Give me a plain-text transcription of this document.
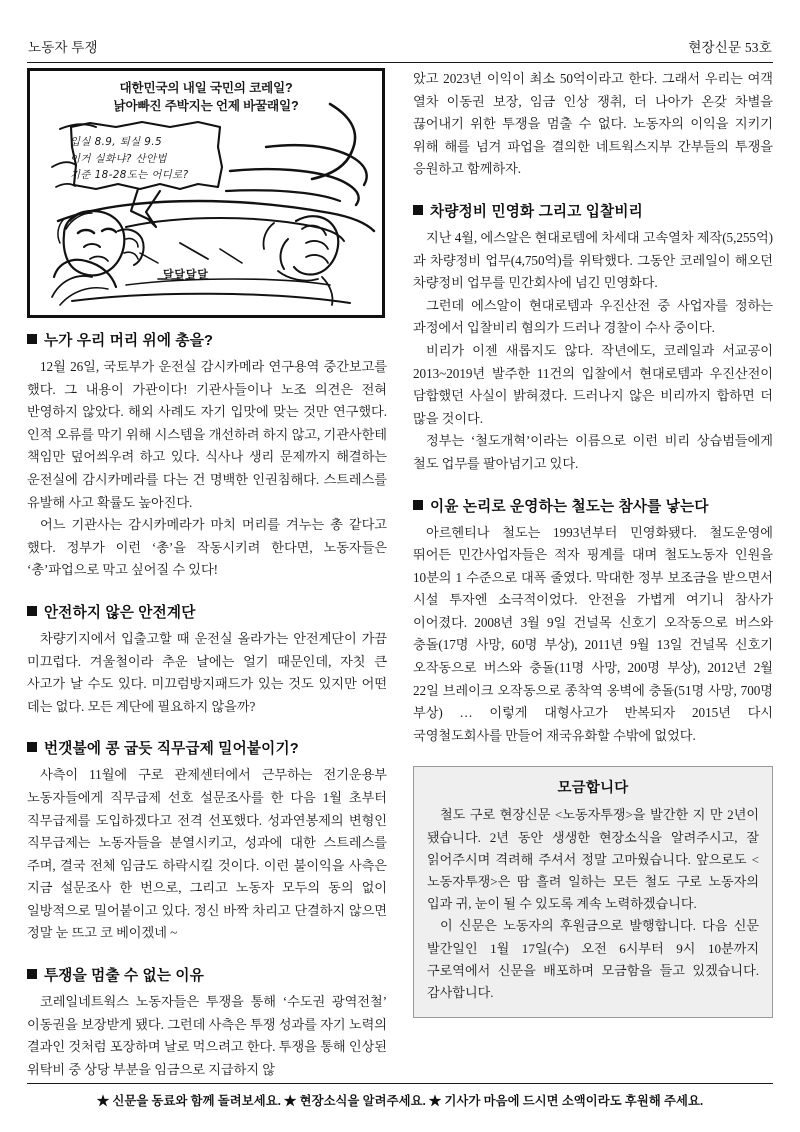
노동자 투쟁	현장신문 53호
대한민국의 내일 국민의 코레일?
낡아빠진 주박지는 언제 바꿀래일?
입실 8.9, 퇴실 9.5
이거 실화냐? 산안법
기준 18-28도는 어디로?
달달달달
누가 우리 머리 위에 총을?

12월 26일, 국토부가 운전실 감시카메라 연구용역 중간보고를 했다. 그 내용이 가관이다! 기관사들이나 노조 의견은 전혀 반영하지 않았다. 해외 사례도 자기 입맛에 맞는 것만 연구했다. 인적 오류를 막기 위해 시스템을 개선하려 하지 않고, 기관사한테 책임만 덮어씌우려 하고 있다. 식사나 생리 문제까지 해결하는 운전실에 감시카메라를 다는 건 명백한 인권침해다. 스트레스를 유발해 사고 확률도 높아진다.

어느 기관사는 감시카메라가 마치 머리를 겨누는 총 같다고 했다. 정부가 이런 ‘총’을 작동시키려 한다면, 노동자들은 ‘총’파업으로 막고 싶어질 수 있다!

안전하지 않은 안전계단

차량기지에서 입출고할 때 운전실 올라가는 안전계단이 가끔 미끄럽다. 겨울철이라 추운 날에는 얼기 때문인데, 자칫 큰 사고가 날 수도 있다. 미끄럼방지패드가 있는 것도 있지만 어떤 데는 없다. 모든 계단에 필요하지 않을까?

번갯불에 콩 굽듯 직무급제 밀어붙이기?

사측이 11월에 구로 관제센터에서 근무하는 전기운용부 노동자들에게 직무급제 선호 설문조사를 한 다음 1월 초부터 직무급제를 도입하겠다고 전격 선포했다. 성과연봉제의 변형인 직무급제는 노동자들을 분열시키고, 성과에 대한 스트레스를 주며, 결국 전체 임금도 하락시킬 것이다. 이런 불이익을 사측은 지금 설문조사 한 번으로, 그리고 노동자 모두의 동의 없이 일방적으로 밀어붙이고 있다. 정신 바짝 차리고 단결하지 않으면 정말 눈 뜨고 코 베이겠네 ~

투쟁을 멈출 수 없는 이유

코레일네트웍스 노동자들은 투쟁을 통해 ‘수도권 광역전철’ 이동권을 보장받게 됐다. 그런데 사측은 투쟁 성과를 자기 노력의 결과인 것처럼 포장하며 날로 먹으려고 한다. 투쟁을 통해 인상된 위탁비 중 상당 부분을 임금으로 지급하지 않

았고 2023년 이익이 최소 50억이라고 한다. 그래서 우리는 여객 열차 이동권 보장, 임금 인상 쟁취, 더 나아가 온갖 차별을 끊어내기 위한 투쟁을 멈출 수 없다. 노동자의 이익을 지키기 위해 해를 넘겨 파업을 결의한 네트웍스지부 간부들의 투쟁을 응원하고 함께하자.

차량정비 민영화 그리고 입찰비리

지난 4월, 에스알은 현대로템에 차세대 고속열차 제작(5,255억)과 차량정비 업무(4,750억)를 위탁했다. 그동안 코레일이 해오던 차량정비 업무를 민간회사에 넘긴 민영화다.

그런데 에스알이 현대로템과 우진산전 중 사업자를 정하는 과정에서 입찰비리 혐의가 드러나 경찰이 수사 중이다.

비리가 이젠 새롭지도 않다. 작년에도, 코레일과 서교공이 2013~2019년 발주한 11건의 입찰에서 현대로템과 우진산전이 담합했던 사실이 밝혀졌다. 드러나지 않은 비리까지 합하면 더 많을 것이다.

정부는 ‘철도개혁’이라는 이름으로 이런 비리 상습범들에게 철도 업무를 팔아넘기고 있다.

이윤 논리로 운영하는 철도는 참사를 낳는다

아르헨티나 철도는 1993년부터 민영화됐다. 철도운영에 뛰어든 민간사업자들은 적자 핑계를 대며 철도노동자 인원을 10분의 1 수준으로 대폭 줄였다. 막대한 정부 보조금을 받으면서 시설 투자엔 소극적이었다. 안전을 가볍게 여기니 참사가 이어졌다. 2008년 3월 9일 건널목 신호기 오작동으로 버스와 충돌(17명 사망, 60명 부상), 2011년 9월 13일 건널목 신호기 오작동으로 버스와 충돌(11명 사망, 200명 부상), 2012년 2월 22일 브레이크 오작동으로 종착역 옹벽에 충돌(51명 사망, 700명 부상) … 이렇게 대형사고가 반복되자 2015년 다시 국영철도회사를 만들어 재국유화할 수밖에 없었다.

모금합니다

철도 구로 현장신문 <노동자투쟁>을 발간한 지 만 2년이 됐습니다. 2년 동안 생생한 현장소식을 알려주시고, 잘 읽어주시며 격려해 주셔서 정말 고마웠습니다. 앞으로도 <노동자투쟁>은 땀 흘려 일하는 모든 철도 구로 노동자의 입과 귀, 눈이 될 수 있도록 계속 노력하겠습니다.

이 신문은 노동자의 후원금으로 발행합니다. 다음 신문 발간일인 1월 17일(수) 오전 6시부터 9시 10분까지 구로역에서 신문을 배포하며 모금함을 들고 있겠습니다. 감사합니다.

★ 신문을 동료와 함께 돌려보세요. ★ 현장소식을 알려주세요. ★ 기사가 마음에 드시면 소액이라도 후원해 주세요.
